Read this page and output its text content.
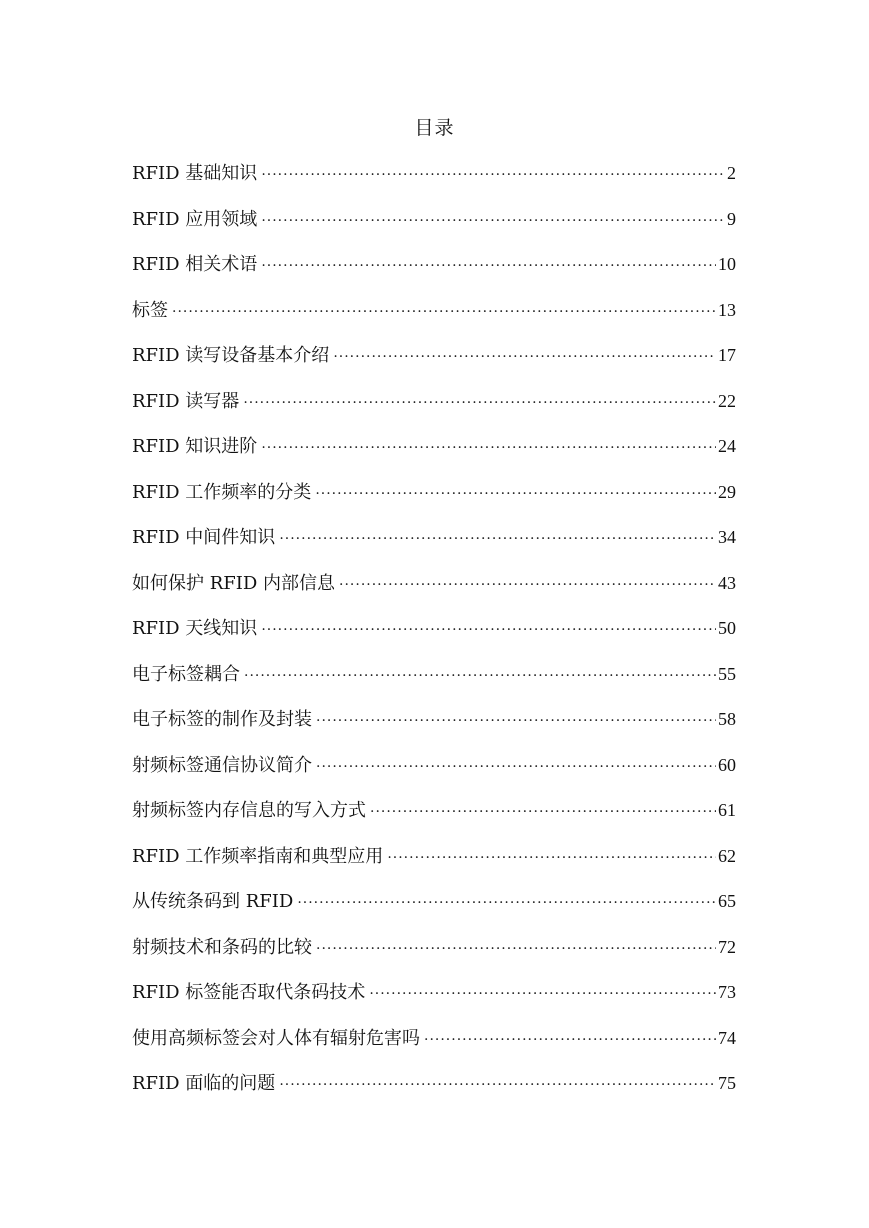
目录
RFID 基础知识 ·····	2
RFID 应用领域 ·····	9
RFID 相关术语 ·····	10
标签 ·····	13
RFID 读写设备基本介绍 ·····	17
RFID 读写器 ·····	22
RFID 知识进阶 ·····	24
RFID 工作频率的分类 ·····	29
RFID 中间件知识 ·····	34
如何保护 RFID 内部信息 ·····	43
RFID 天线知识 ·····	50
电子标签耦合 ·····	55
电子标签的制作及封装 ·····	58
射频标签通信协议简介 ·····	60
射频标签内存信息的写入方式 ·····	61
RFID 工作频率指南和典型应用 ·····	62
从传统条码到 RFID ·····	65
射频技术和条码的比较 ·····	72
RFID 标签能否取代条码技术 ·····	73
使用高频标签会对人体有辐射危害吗 ·····	74
RFID 面临的问题 ·····	75
